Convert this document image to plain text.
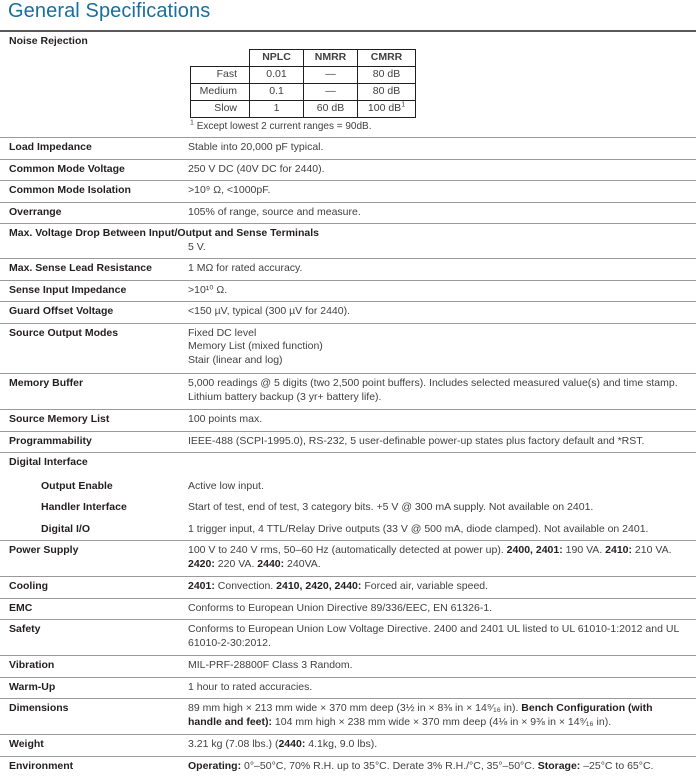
General Specifications
Noise Rejection
	NPLC	NMRR	CMRR
Fast	0.01	—	80 dB
Medium	0.1	—	80 dB
Slow	1	60 dB	100 $dB^1$
$^1$ Except lowest 2 current ranges = 90dB.
Load Impedance	Stable into 20,000 pF typical.
Common Mode Voltage	250 V DC (40V DC for 2440).
Common Mode Isolation	>10⁹ Ω, <1000pF.
Overrange	105% of range, source and measure.
Max. Voltage Drop Between Input/Output and Sense Terminals
5 V.
Max. Sense Lead Resistance	1 MΩ for rated accuracy.
Sense Input Impedance	>10¹⁰ Ω.
Guard Offset Voltage	<150 µV, typical (300 µV for 2440).
Source Output Modes	Fixed DC level
Memory List (mixed function)
Stair (linear and log)
Memory Buffer	5,000 readings @ 5 digits (two 2,500 point buffers). Includes selected measured value(s) and time stamp.
Lithium battery backup (3 yr+ battery life).
Source Memory List	100 points max.
Programmability	IEEE-488 (SCPI-1995.0), RS-232, 5 user-definable power-up states plus factory default and *RST.
Digital Interface
Output Enable	Active low input.
Handler Interface	Start of test, end of test, 3 category bits. +5 V @ 300 mA supply. Not available on 2401.
Digital I/O	1 trigger input, 4 TTL/Relay Drive outputs (33 V @ 500 mA, diode clamped). Not available on 2401.
Power Supply	100 V to 240 V rms, 50–60 Hz (automatically detected at power up). 2400, 2401: 190 VA. 2410: 210 VA.
2420: 220 VA. 2440: 240VA.
Cooling	2401: Convection. 2410, 2420, 2440: Forced air, variable speed.
EMC	Conforms to European Union Directive 89/336/EEC, EN 61326-1.
Safety	Conforms to European Union Low Voltage Directive. 2400 and 2401 UL listed to UL 61010-1:2012 and UL
61010-2-30:2012.
Vibration	MIL-PRF-28800F Class 3 Random.
Warm-Up	1 hour to rated accuracies.
Dimensions	89 mm high × 213 mm wide × 370 mm deep (3½ in × 8⅜ in × 14⁹⁄₁₆ in). Bench Configuration (with
handle and feet): 104 mm high × 238 mm wide × 370 mm deep (4⅛ in × 9⅜ in × 14⁹⁄₁₆ in).
Weight	3.21 kg (7.08 lbs.) (2440: 4.1kg, 9.0 lbs).
Environment	Operating: 0°–50°C, 70% R.H. up to 35°C. Derate 3% R.H./°C, 35°–50°C. Storage: –25°C to 65°C.
